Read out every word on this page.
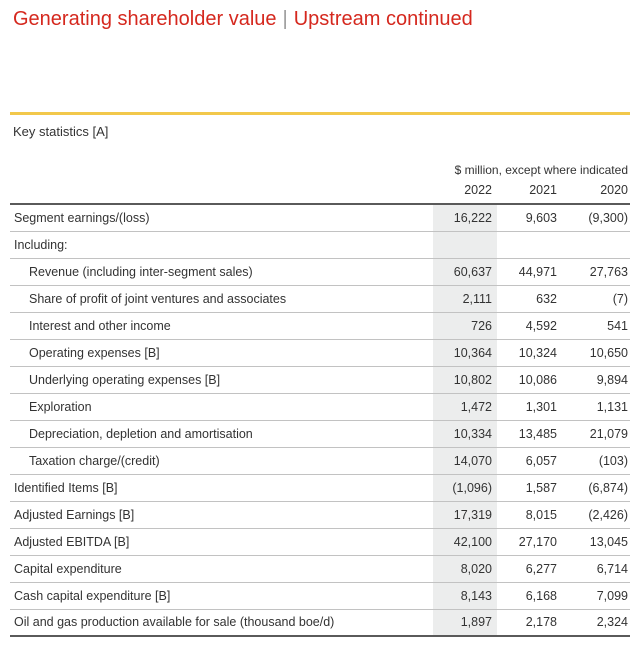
Generating shareholder value | Upstream continued
Key statistics [A]
$ million, except where indicated
	2022	2021	2020
Segment earnings/(loss)	16,222	9,603	(9,300)
Including:			
Revenue (including inter-segment sales)	60,637	44,971	27,763
Share of profit of joint ventures and associates	2,111	632	(7)
Interest and other income	726	4,592	541
Operating expenses [B]	10,364	10,324	10,650
Underlying operating expenses [B]	10,802	10,086	9,894
Exploration	1,472	1,301	1,131
Depreciation, depletion and amortisation	10,334	13,485	21,079
Taxation charge/(credit)	14,070	6,057	(103)
Identified Items [B]	(1,096)	1,587	(6,874)
Adjusted Earnings [B]	17,319	8,015	(2,426)
Adjusted EBITDA [B]	42,100	27,170	13,045
Capital expenditure	8,020	6,277	6,714
Cash capital expenditure [B]	8,143	6,168	7,099
Oil and gas production available for sale (thousand boe/d)	1,897	2,178	2,324
